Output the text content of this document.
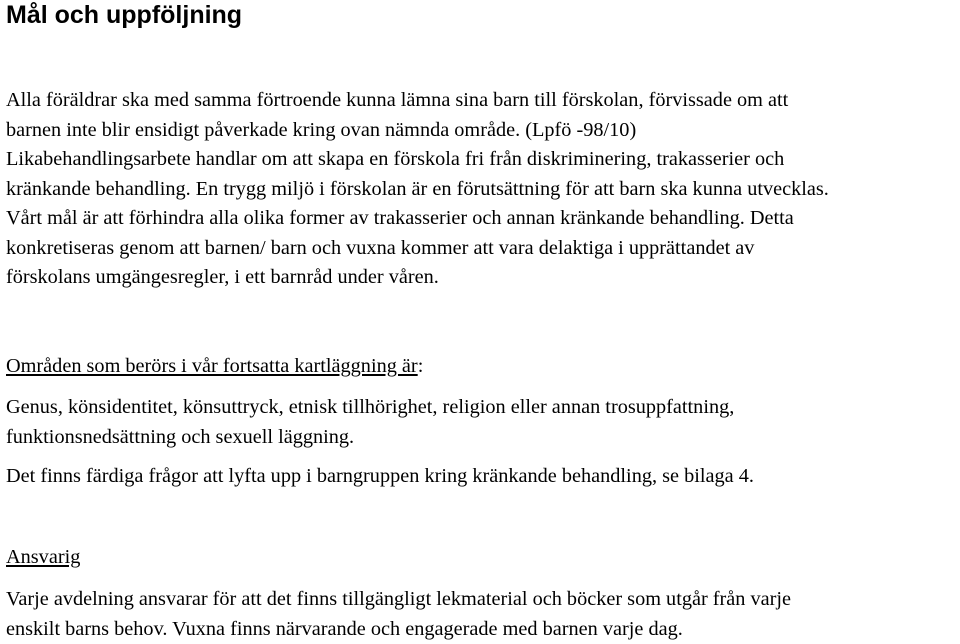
Mål och uppföljning
Alla föräldrar ska med samma förtroende kunna lämna sina barn till förskolan, förvissade om att
barnen inte blir ensidigt påverkade kring ovan nämnda område. (Lpfö -98/10)
Likabehandlingsarbete handlar om att skapa en förskola fri från diskriminering, trakasserier och
kränkande behandling. En trygg miljö i förskolan är en förutsättning för att barn ska kunna utvecklas.
Vårt mål är att förhindra alla olika former av trakasserier och annan kränkande behandling. Detta
konkretiseras genom att barnen/ barn och vuxna kommer att vara delaktiga i upprättandet av
förskolans umgängesregler, i ett barnråd under våren.
Områden som berörs i vår fortsatta kartläggning är:
Genus, könsidentitet, könsuttryck, etnisk tillhörighet, religion eller annan trosuppfattning,
funktionsnedsättning och sexuell läggning.
Det finns färdiga frågor att lyfta upp i barngruppen kring kränkande behandling, se bilaga 4.
Ansvarig
Varje avdelning ansvarar för att det finns tillgängligt lekmaterial och böcker som utgår från varje
enskilt barns behov. Vuxna finns närvarande och engagerade med barnen varje dag.
